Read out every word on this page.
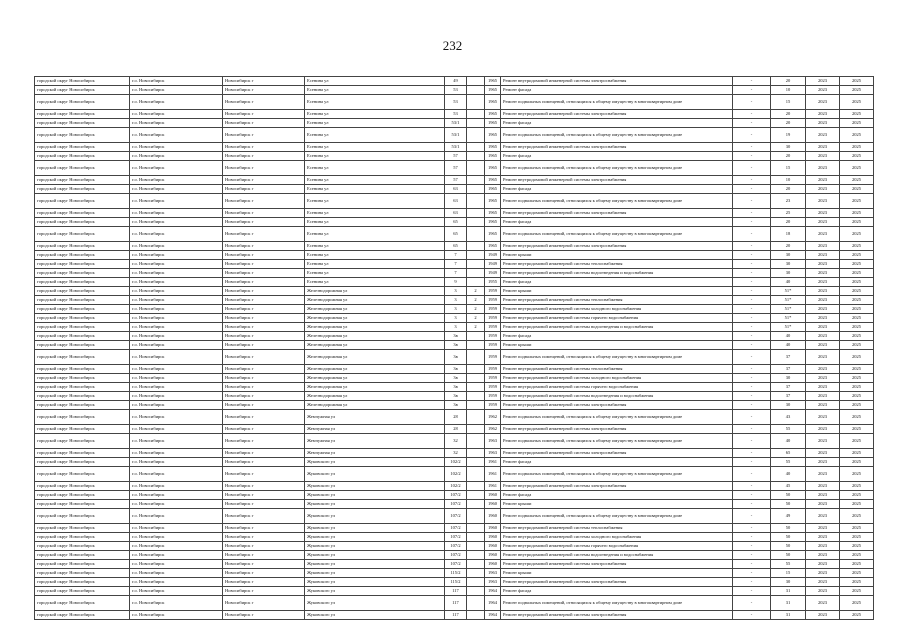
232
городской округ Новосибирск	г.о. Новосибирск	Новосибирск г	Есенина ул	49		1965	Ремонт внутридомовой инженерной системы электроснабжения	-	20	2023	2025
городской округ Новосибирск	г.о. Новосибирск	Новосибирск г	Есенина ул	53		1965	Ремонт фасада	-	10	2023	2025
городской округ Новосибирск	г.о. Новосибирск	Новосибирск г	Есенина ул	53		1965	Ремонт подвальных помещений, относящихся к общему имуществу в многоквартирном доме	-	15	2023	2025
городской округ Новосибирск	г.о. Новосибирск	Новосибирск г	Есенина ул	53		1965	Ремонт внутридомовой инженерной системы электроснабжения	-	20	2023	2025
городской округ Новосибирск	г.о. Новосибирск	Новосибирск г	Есенина ул	53/1		1965	Ремонт фасада	-	20	2023	2025
городской округ Новосибирск	г.о. Новосибирск	Новосибирск г	Есенина ул	53/1		1965	Ремонт подвальных помещений, относящихся к общему имуществу в многоквартирном доме	-	19	2023	2025
городской округ Новосибирск	г.о. Новосибирск	Новосибирск г	Есенина ул	53/1		1965	Ремонт внутридомовой инженерной системы электроснабжения	-	30	2023	2025
городской округ Новосибирск	г.о. Новосибирск	Новосибирск г	Есенина ул	57		1965	Ремонт фасада	-	20	2023	2025
городской округ Новосибирск	г.о. Новосибирск	Новосибирск г	Есенина ул	57		1965	Ремонт подвальных помещений, относящихся к общему имуществу в многоквартирном доме	-	15	2023	2025
городской округ Новосибирск	г.о. Новосибирск	Новосибирск г	Есенина ул	57		1965	Ремонт внутридомовой инженерной системы электроснабжения	-	10	2023	2025
городской округ Новосибирск	г.о. Новосибирск	Новосибирск г	Есенина ул	63		1965	Ремонт фасада	-	20	2023	2025
городской округ Новосибирск	г.о. Новосибирск	Новосибирск г	Есенина ул	63		1965	Ремонт подвальных помещений, относящихся к общему имуществу в многоквартирном доме	-	23	2023	2025
городской округ Новосибирск	г.о. Новосибирск	Новосибирск г	Есенина ул	63		1965	Ремонт внутридомовой инженерной системы электроснабжения	-	25	2023	2025
городской округ Новосибирск	г.о. Новосибирск	Новосибирск г	Есенина ул	65		1965	Ремонт фасада	-	20	2023	2025
городской округ Новосибирск	г.о. Новосибирск	Новосибирск г	Есенина ул	65		1965	Ремонт подвальных помещений, относящихся к общему имуществу в многоквартирном доме	-	18	2023	2025
городской округ Новосибирск	г.о. Новосибирск	Новосибирск г	Есенина ул	65		1965	Ремонт внутридомовой инженерной системы электроснабжения	-	20	2023	2025
городской округ Новосибирск	г.о. Новосибирск	Новосибирск г	Есенина ул	7		1949	Ремонт крыши	-	30	2023	2025
городской округ Новосибирск	г.о. Новосибирск	Новосибирск г	Есенина ул	7		1949	Ремонт внутридомовой инженерной системы теплоснабжения	-	30	2023	2025
городской округ Новосибирск	г.о. Новосибирск	Новосибирск г	Есенина ул	7		1949	Ремонт внутридомовой инженерной системы водоотведения и водоснабжения	-	30	2023	2025
городской округ Новосибирск	г.о. Новосибирск	Новосибирск г	Есенина ул	9		1955	Ремонт фасада	-	40	2023	2025
городской округ Новосибирск	г.о. Новосибирск	Новосибирск г	Железнодорожная ул	3	2	1959	Ремонт крыши	-	51*	2023	2025
городской округ Новосибирск	г.о. Новосибирск	Новосибирск г	Железнодорожная ул	3	2	1959	Ремонт внутридомовой инженерной системы теплоснабжения	-	51*	2023	2025
городской округ Новосибирск	г.о. Новосибирск	Новосибирск г	Железнодорожная ул	3	2	1959	Ремонт внутридомовой инженерной системы холодного водоснабжения	-	51*	2023	2025
городской округ Новосибирск	г.о. Новосибирск	Новосибирск г	Железнодорожная ул	3	2	1959	Ремонт внутридомовой инженерной системы горячего водоснабжения	-	51*	2023	2025
городской округ Новосибирск	г.о. Новосибирск	Новосибирск г	Железнодорожная ул	3	2	1959	Ремонт внутридомовой инженерной системы водоотведения и водоснабжения	-	51*	2023	2025
городской округ Новосибирск	г.о. Новосибирск	Новосибирск г	Железнодорожная ул	3в		1959	Ремонт фасада	-	40	2023	2025
городской округ Новосибирск	г.о. Новосибирск	Новосибирск г	Железнодорожная ул	3в		1959	Ремонт крыши	-	40	2023	2025
городской округ Новосибирск	г.о. Новосибирск	Новосибирск г	Железнодорожная ул	3в		1959	Ремонт подвальных помещений, относящихся к общему имуществу в многоквартирном доме	-	37	2023	2025
городской округ Новосибирск	г.о. Новосибирск	Новосибирск г	Железнодорожная ул	3в		1959	Ремонт внутридомовой инженерной системы теплоснабжения	-	37	2023	2025
городской округ Новосибирск	г.о. Новосибирск	Новосибирск г	Железнодорожная ул	3в		1959	Ремонт внутридомовой инженерной системы холодного водоснабжения	-	30	2023	2025
городской округ Новосибирск	г.о. Новосибирск	Новосибирск г	Железнодорожная ул	3в		1959	Ремонт внутридомовой инженерной системы горячего водоснабжения	-	37	2023	2025
городской округ Новосибирск	г.о. Новосибирск	Новосибирск г	Железнодорожная ул	3в		1959	Ремонт внутридомовой инженерной системы водоотведения и водоснабжения	-	37	2023	2025
городской округ Новосибирск	г.о. Новосибирск	Новосибирск г	Железнодорожная ул	3в		1959	Ремонт внутридомовой инженерной системы электроснабжения	-	30	2023	2025
городской округ Новосибирск	г.о. Новосибирск	Новосибирск г	Жемчужная ул	28		1962	Ремонт подвальных помещений, относящихся к общему имуществу в многоквартирном доме	-	43	2023	2025
городской округ Новосибирск	г.о. Новосибирск	Новосибирск г	Жемчужная ул	28		1962	Ремонт внутридомовой инженерной системы электроснабжения	-	55	2023	2025
городской округ Новосибирск	г.о. Новосибирск	Новосибирск г	Жемчужная ул	32		1963	Ремонт подвальных помещений, относящихся к общему имуществу в многоквартирном доме	-	40	2023	2025
городской округ Новосибирск	г.о. Новосибирск	Новосибирск г	Жемчужная ул	32		1963	Ремонт внутридомовой инженерной системы электроснабжения	-	65	2023	2025
городской округ Новосибирск	г.о. Новосибирск	Новосибирск г	Жуковского ул	102/2		1961	Ремонт фасада	-	55	2023	2025
городской округ Новосибирск	г.о. Новосибирск	Новосибирск г	Жуковского ул	102/2		1961	Ремонт подвальных помещений, относящихся к общему имуществу в многоквартирном доме	-	40	2023	2025
городской округ Новосибирск	г.о. Новосибирск	Новосибирск г	Жуковского ул	102/2		1961	Ремонт внутридомовой инженерной системы электроснабжения	-	45	2023	2025
городской округ Новосибирск	г.о. Новосибирск	Новосибирск г	Жуковского ул	107/2		1960	Ремонт фасада	-	50	2023	2025
городской округ Новосибирск	г.о. Новосибирск	Новосибирск г	Жуковского ул	107/2		1960	Ремонт крыши	-	50	2023	2025
городской округ Новосибирск	г.о. Новосибирск	Новосибирск г	Жуковского ул	107/2		1960	Ремонт подвальных помещений, относящихся к общему имуществу в многоквартирном доме	-	49	2023	2025
городской округ Новосибирск	г.о. Новосибирск	Новосибирск г	Жуковского ул	107/2		1960	Ремонт внутридомовой инженерной системы теплоснабжения	-	50	2023	2025
городской округ Новосибирск	г.о. Новосибирск	Новосибирск г	Жуковского ул	107/2		1960	Ремонт внутридомовой инженерной системы холодного водоснабжения	-	50	2023	2025
городской округ Новосибирск	г.о. Новосибирск	Новосибирск г	Жуковского ул	107/2		1960	Ремонт внутридомовой инженерной системы горячего водоснабжения	-	50	2023	2025
городской округ Новосибирск	г.о. Новосибирск	Новосибирск г	Жуковского ул	107/2		1960	Ремонт внутридомовой инженерной системы водоотведения и водоснабжения	-	50	2023	2025
городской округ Новосибирск	г.о. Новосибирск	Новосибирск г	Жуковского ул	107/2		1960	Ремонт внутридомовой инженерной системы электроснабжения	-	55	2023	2025
городской округ Новосибирск	г.о. Новосибирск	Новосибирск г	Жуковского ул	115/2		1963	Ремонт крыши	-	15	2023	2025
городской округ Новосибирск	г.о. Новосибирск	Новосибирск г	Жуковского ул	115/2		1963	Ремонт внутридомовой инженерной системы электроснабжения	-	30	2023	2025
городской округ Новосибирск	г.о. Новосибирск	Новосибирск г	Жуковского ул	117		1964	Ремонт фасада	-	31	2023	2025
городской округ Новосибирск	г.о. Новосибирск	Новосибирск г	Жуковского ул	117		1964	Ремонт подвальных помещений, относящихся к общему имуществу в многоквартирном доме	-	31	2023	2025
городской округ Новосибирск	г.о. Новосибирск	Новосибирск г	Жуковского ул	117		1964	Ремонт внутридомовой инженерной системы электроснабжения	-	31	2023	2025
